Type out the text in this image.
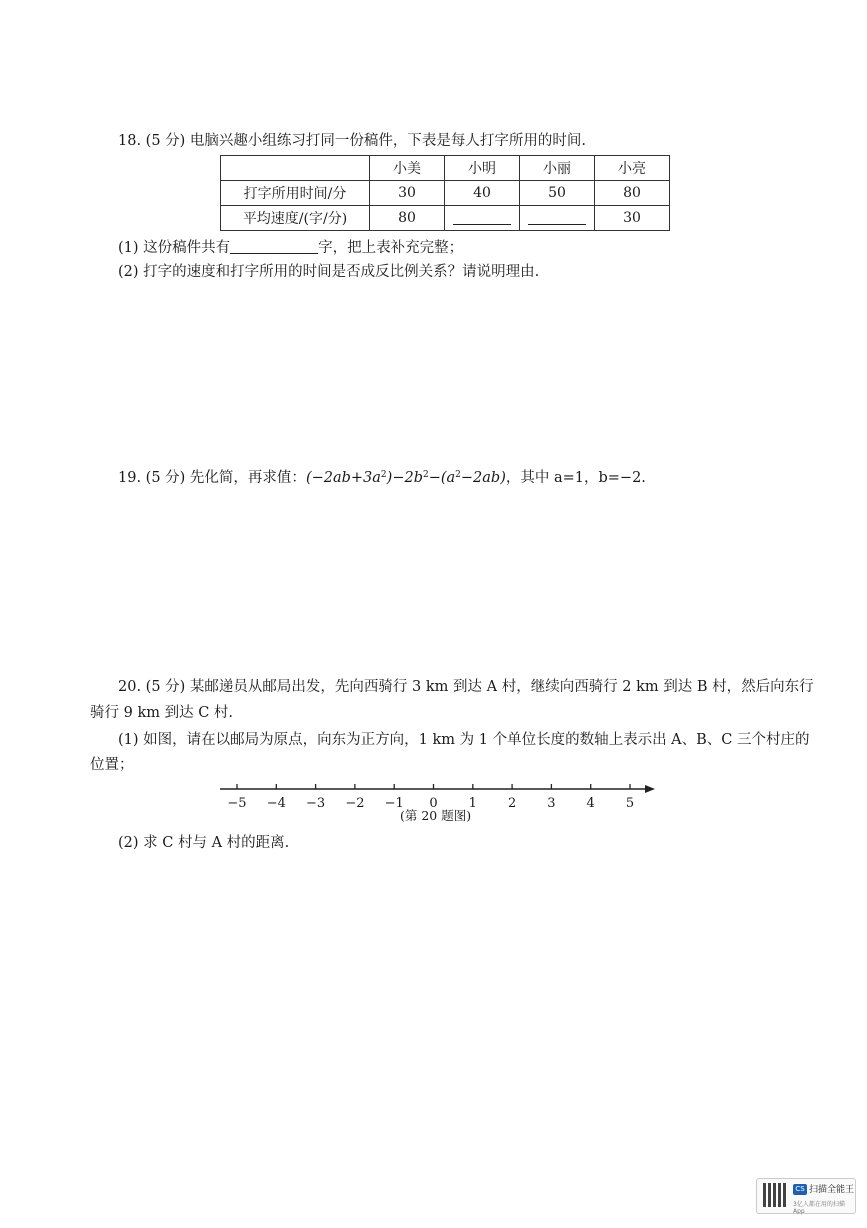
18. (5 分) 电脑兴趣小组练习打同一份稿件，下表是每人打字所用的时间.
	小美	小明	小丽	小亮
打字所用时间/分	30	40	50	80
平均速度/(字/分)	80			30
(1) 这份稿件共有	字，把上表补充完整；
(2) 打字的速度和打字所用的时间是否成反比例关系？请说明理由.
19. (5 分) 先化简，再求值：$(-2ab+3a^2)-2b^2-(a^2-2ab)$，其中 a=1，b=−2.
20. (5 分) 某邮递员从邮局出发，先向西骑行 3 km 到达 A 村，继续向西骑行 2 km 到达 B 村，然后向东行
骑行 9 km 到达 C 村.
(1) 如图，请在以邮局为原点，向东为正方向，1 km 为 1 个单位长度的数轴上表示出 A、B、C 三个村庄的
位置；
−5 −4 −3 −2 −1 0 1 2 3 4 5
(第 20 题图)
(2) 求 C 村与 A 村的距离.
CS 扫描全能王
3亿人都在用的扫描App
